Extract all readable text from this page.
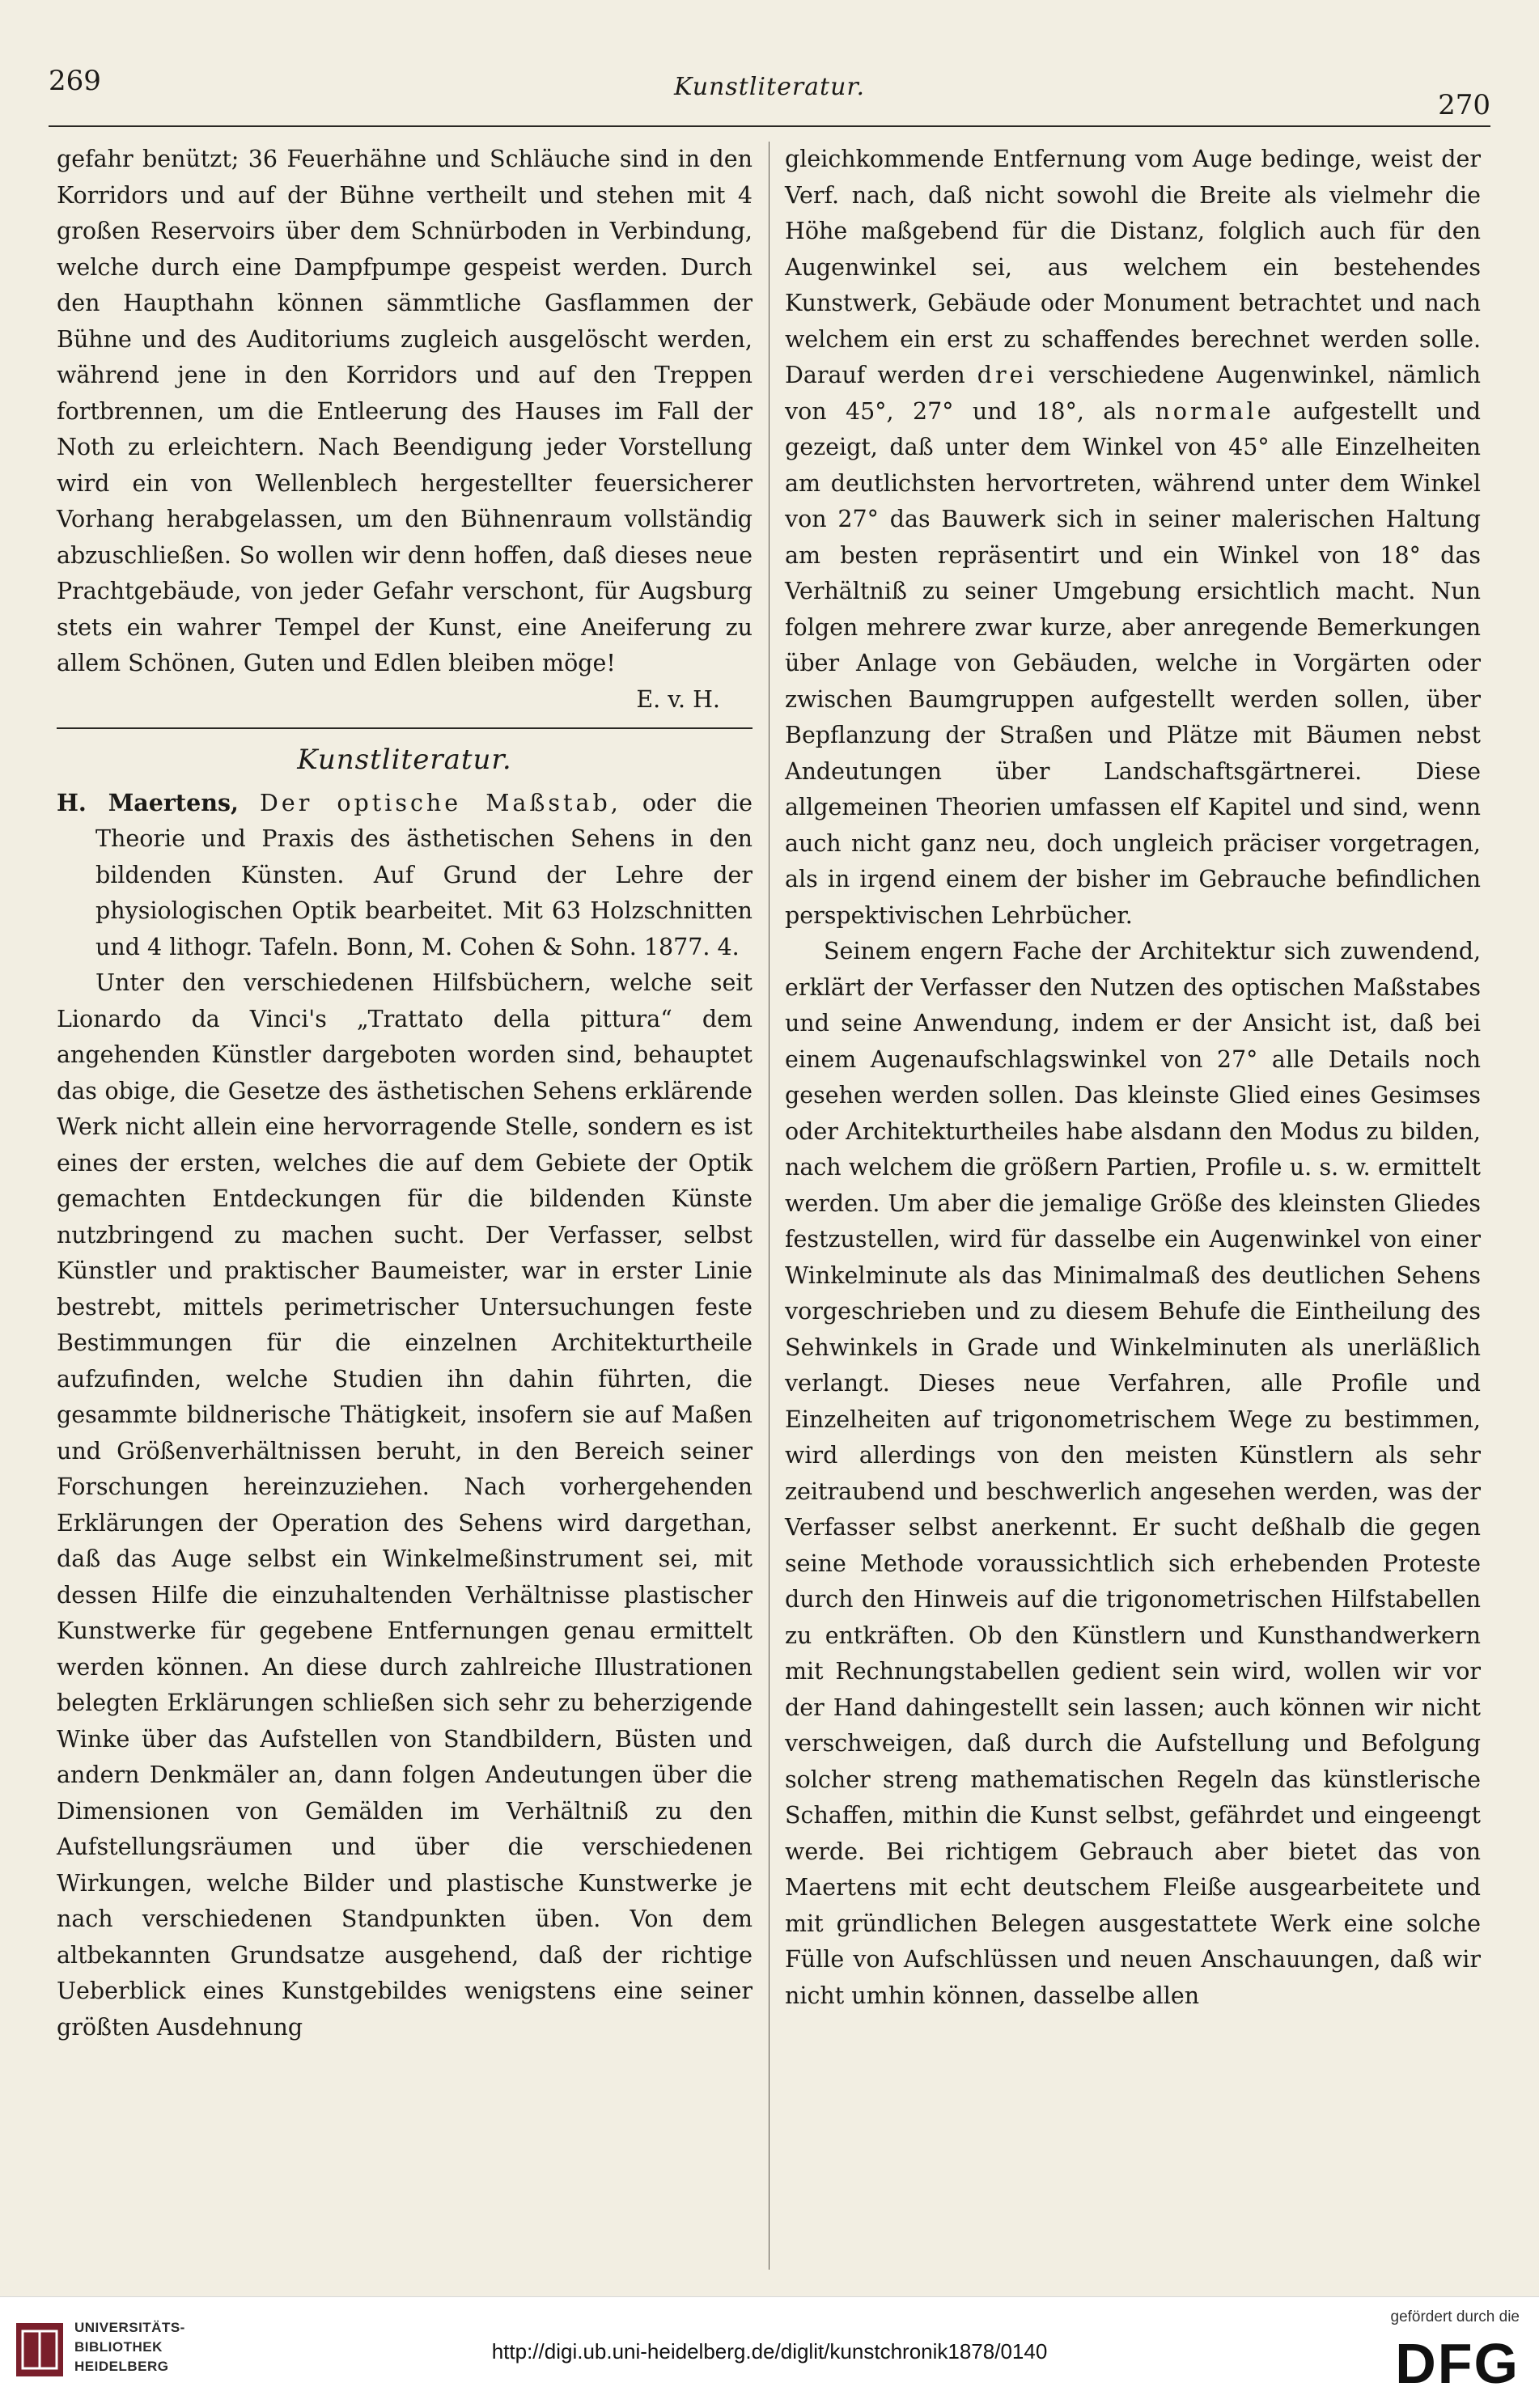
269	Kunstliteratur.
270

gefahr benützt; 36 Feuerhähne und Schläuche sind in den Korridors und auf der Bühne vertheilt und stehen mit 4 großen Reservoirs über dem Schnürboden in Verbindung, welche durch eine Dampfpumpe gespeist werden. Durch den Haupthahn können sämmtliche Gasflammen der Bühne und des Auditoriums zugleich ausgelöscht werden, während jene in den Korridors und auf den Treppen fortbrennen, um die Entleerung des Hauses im Fall der Noth zu erleichtern. Nach Beendigung jeder Vorstellung wird ein von Wellenblech hergestellter feuersicherer Vorhang herabgelassen, um den Bühnenraum vollständig abzuschließen. So wollen wir denn hoffen, daß dieses neue Prachtgebäude, von jeder Gefahr verschont, für Augsburg stets ein wahrer Tempel der Kunst, eine Aneiferung zu allem Schönen, Guten und Edlen bleiben möge!

E. v. H.

Kunstliteratur.

H. Maertens, Der optische Maßstab, oder die Theorie und Praxis des ästhetischen Sehens in den bildenden Künsten. Auf Grund der Lehre der physiologischen Optik bearbeitet. Mit 63 Holzschnitten und 4 lithogr. Tafeln. Bonn, M. Cohen & Sohn. 1877. 4.

Unter den verschiedenen Hilfsbüchern, welche seit Lionardo da Vinci's „Trattato della pittura“ dem angehenden Künstler dargeboten worden sind, behauptet das obige, die Gesetze des ästhetischen Sehens erklärende Werk nicht allein eine hervorragende Stelle, sondern es ist eines der ersten, welches die auf dem Gebiete der Optik gemachten Entdeckungen für die bildenden Künste nutzbringend zu machen sucht. Der Verfasser, selbst Künstler und praktischer Baumeister, war in erster Linie bestrebt, mittels perimetrischer Untersuchungen feste Bestimmungen für die einzelnen Architekturtheile aufzufinden, welche Studien ihn dahin führten, die gesammte bildnerische Thätigkeit, insofern sie auf Maßen und Größenverhältnissen beruht, in den Bereich seiner Forschungen hereinzuziehen. Nach vorhergehenden Erklärungen der Operation des Sehens wird dargethan, daß das Auge selbst ein Winkelmeßinstrument sei, mit dessen Hilfe die einzuhaltenden Verhältnisse plastischer Kunstwerke für gegebene Entfernungen genau ermittelt werden können. An diese durch zahlreiche Illustrationen belegten Erklärungen schließen sich sehr zu beherzigende Winke über das Aufstellen von Standbildern, Büsten und andern Denkmäler an, dann folgen Andeutungen über die Dimensionen von Gemälden im Verhältniß zu den Aufstellungsräumen und über die verschiedenen Wirkungen, welche Bilder und plastische Kunstwerke je nach verschiedenen Standpunkten üben. Von dem altbekannten Grundsatze ausgehend, daß der richtige Ueberblick eines Kunstgebildes wenigstens eine seiner größten Ausdehnung

gleichkommende Entfernung vom Auge bedinge, weist der Verf. nach, daß nicht sowohl die Breite als vielmehr die Höhe maßgebend für die Distanz, folglich auch für den Augenwinkel sei, aus welchem ein bestehendes Kunstwerk, Gebäude oder Monument betrachtet und nach welchem ein erst zu schaffendes berechnet werden solle. Darauf werden drei verschiedene Augenwinkel, nämlich von 45°, 27° und 18°, als normale aufgestellt und gezeigt, daß unter dem Winkel von 45° alle Einzelheiten am deutlichsten hervortreten, während unter dem Winkel von 27° das Bauwerk sich in seiner malerischen Haltung am besten repräsentirt und ein Winkel von 18° das Verhältniß zu seiner Umgebung ersichtlich macht. Nun folgen mehrere zwar kurze, aber anregende Bemerkungen über Anlage von Gebäuden, welche in Vorgärten oder zwischen Baumgruppen aufgestellt werden sollen, über Bepflanzung der Straßen und Plätze mit Bäumen nebst Andeutungen über Landschaftsgärtnerei. Diese allgemeinen Theorien umfassen elf Kapitel und sind, wenn auch nicht ganz neu, doch ungleich präciser vorgetragen, als in irgend einem der bisher im Gebrauche befindlichen perspektivischen Lehrbücher.

Seinem engern Fache der Architektur sich zuwendend, erklärt der Verfasser den Nutzen des optischen Maßstabes und seine Anwendung, indem er der Ansicht ist, daß bei einem Augenaufschlagswinkel von 27° alle Details noch gesehen werden sollen. Das kleinste Glied eines Gesimses oder Architekturtheiles habe alsdann den Modus zu bilden, nach welchem die größern Partien, Profile u. s. w. ermittelt werden. Um aber die jemalige Größe des kleinsten Gliedes festzustellen, wird für dasselbe ein Augenwinkel von einer Winkelminute als das Minimalmaß des deutlichen Sehens vorgeschrieben und zu diesem Behufe die Eintheilung des Sehwinkels in Grade und Winkelminuten als unerläßlich verlangt. Dieses neue Verfahren, alle Profile und Einzelheiten auf trigonometrischem Wege zu bestimmen, wird allerdings von den meisten Künstlern als sehr zeitraubend und beschwerlich angesehen werden, was der Verfasser selbst anerkennt. Er sucht deßhalb die gegen seine Methode voraussichtlich sich erhebenden Proteste durch den Hinweis auf die trigonometrischen Hilfstabellen zu entkräften. Ob den Künstlern und Kunsthandwerkern mit Rechnungstabellen gedient sein wird, wollen wir vor der Hand dahingestellt sein lassen; auch können wir nicht verschweigen, daß durch die Aufstellung und Befolgung solcher streng mathematischen Regeln das künstlerische Schaffen, mithin die Kunst selbst, gefährdet und eingeengt werde. Bei richtigem Gebrauch aber bietet das von Maertens mit echt deutschem Fleiße ausgearbeitete und mit gründlichen Belegen ausgestattete Werk eine solche Fülle von Aufschlüssen und neuen Anschauungen, daß wir nicht umhin können, dasselbe allen

UNIVERSITÄTS-
BIBLIOTHEK
HEIDELBERG
http://digi.ub.uni-heidelberg.de/diglit/kunstchronik1878/0140
gefördert durch die
DFG
